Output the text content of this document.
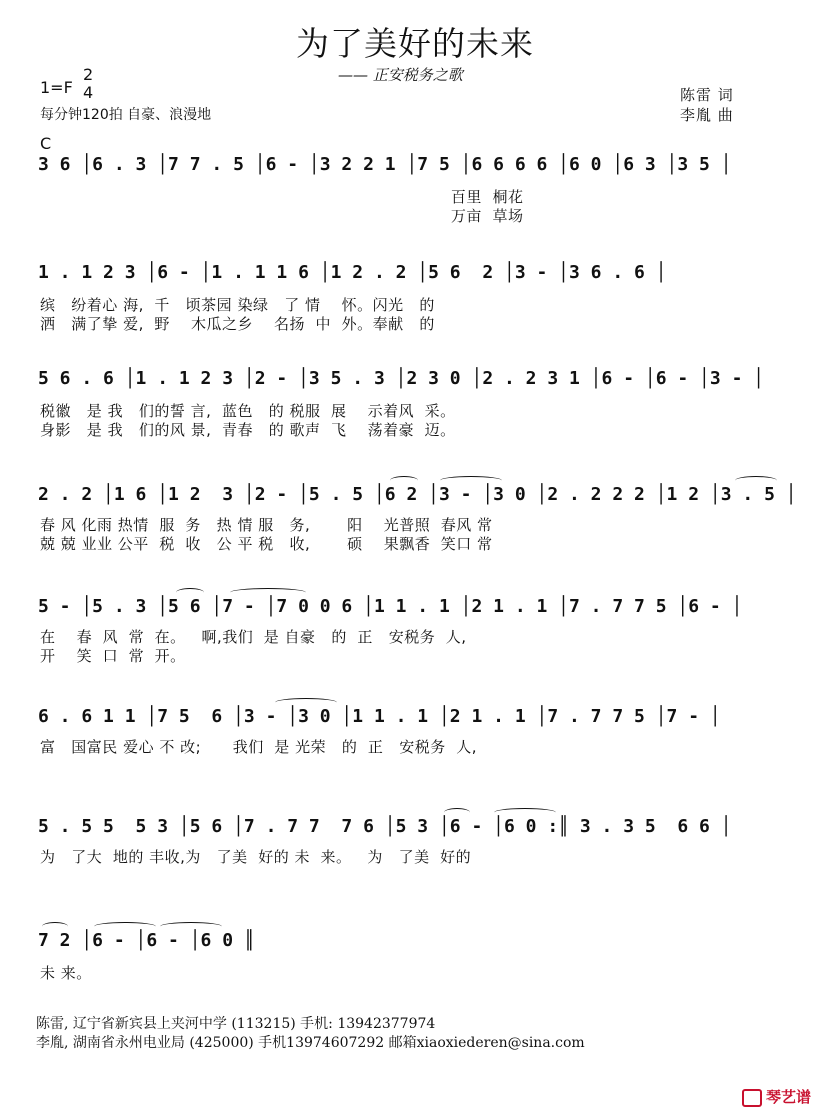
为了美好的未来
—— 正安税务之歌
1=F
2
4
每分钟120拍 自豪、浪漫地
陈雷 词
李胤 曲
C
3 6 │6 . 3 │7 7 . 5 │6 - │3 2 2 1 │7 5 │6 6 6 6 │6 0 │6 3 │3 5 │
百里  桐花
万亩  草场
1 . 1 2 3 │6 - │1 . 1 1 6 │1 2 . 2 │5 6  2 │3 - │3 6 . 6 │
缤   纷着心 海,  千   顷茶园 染绿   了 情    怀。闪光   的
洒   满了挚 爱,  野    木瓜之乡    名扬  中  外。奉献   的
5 6 . 6 │1 . 1 2 3 │2 - │3 5 . 3 │2 3 0 │2 . 2 3 1 │6 - │6 - │3 - │
税徽   是 我   们的誓 言,  蓝色   的 税服  展    示着风  采。
身影   是 我   们的风 景,  青春   的 歌声  飞    荡着豪  迈。
2 . 2 │1 6 │1 2  3 │2 - │5 . 5 │6 2 │3 - │3 0 │2 . 2 2 2 │1 2 │3 . 5 │
春 风 化雨 热情  服  务   热 情 服   务,       阳    光普照  春风 常
兢 兢 业业 公平  税  收   公 平 税   收,       硕    果飘香  笑口 常
5 - │5 . 3 │5 6 │7 - │7 0 0 6 │1 1 . 1 │2 1 . 1 │7 . 7 7 5 │6 - │
在    春  风  常  在。   啊,我们  是 自豪   的  正   安税务  人,
开    笑  口  常  开。
6 . 6 1 1 │7 5  6 │3 - │3 0 │1 1 . 1 │2 1 . 1 │7 . 7 7 5 │7 - │
富   国富民 爱心 不 改;      我们  是 光荣   的  正   安税务  人,
5 . 5 5  5 3 │5 6 │7 . 7 7  7 6 │5 3 │6 - │6 0 :║ 3 . 3 5  6 6 │
为   了大  地的 丰收,为   了美  好的 未  来。   为   了美  好的
7 2 │6 - │6 - │6 0 ║
未 来。
陈雷, 辽宁省新宾县上夹河中学 (113215) 手机: 13942377974
李胤, 湖南省永州电业局 (425000) 手机13974607292 邮箱xiaoxiederen@sina.com
琴艺谱
